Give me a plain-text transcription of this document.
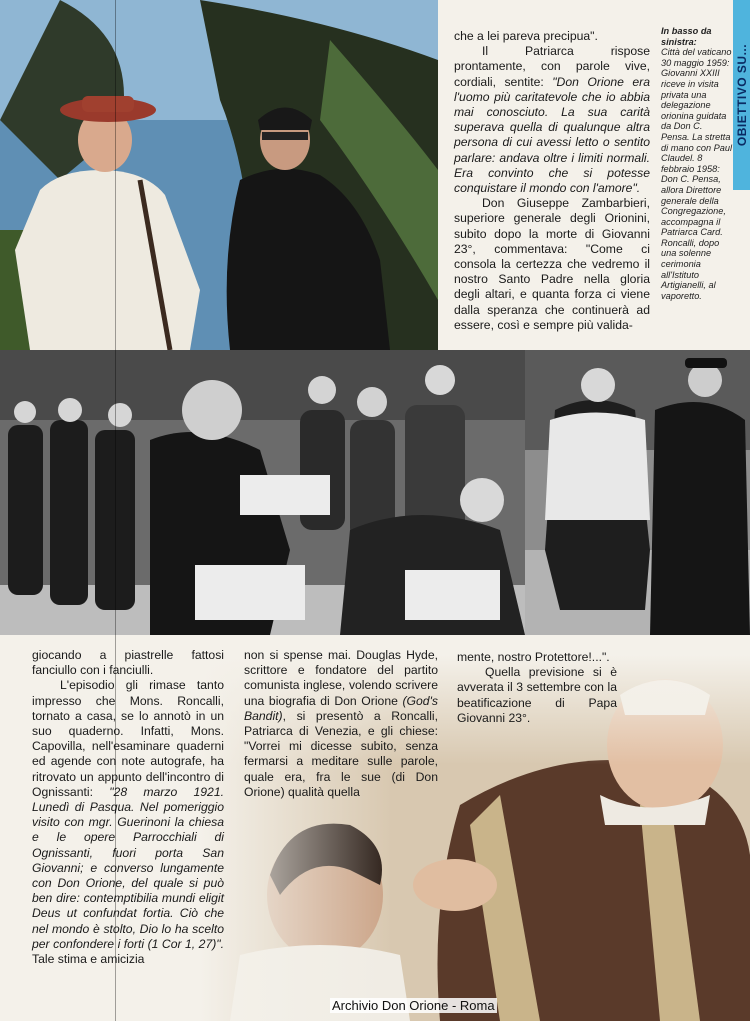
che a lei pareva precipua".

Il Patriarca rispose prontamente, con parole vive, cordiali, sentite: "Don Orione era l'uomo più caritatevole che io abbia mai conosciuto. La sua carità superava quella di qualunque altra persona di cui avessi letto o sentito parlare: andava oltre i limiti normali. Era convinto che si potesse conquistare il mondo con l'amore".

Don Giuseppe Zambarbieri, superiore generale degli Orionini, subito dopo la morte di Giovanni 23°, commentava: "Come ci consola la certezza che vedremo il nostro Santo Padre nella gloria degli altari, e quanta forza ci viene dalla speranza che continuerà ad essere, così e sempre più valida-

In basso da sinistra:
Città del vaticano 30 maggio 1959: Giovanni XXIII riceve in visita privata una delegazione orionina guidata da Don C. Pensa. La stretta di mano con Paul Claudel. 8 febbraio 1958: Don C. Pensa, allora Direttore generale della Congregazione, accompagna il Patriarca Card. Roncalli, dopo una solenne cerimonia all'Istituto Artigianelli, al vaporetto.
OBIETTIVO SU...

giocando a piastrelle fattosi fanciullo con i fanciulli.

L'episodio gli rimase tanto impresso che Mons. Roncalli, tornato a casa, se lo annotò in un suo quaderno. Infatti, Mons. Capovilla, nell'esaminare quaderni ed agende con note autografe, ha ritrovato un appunto dell'incontro di Ognissanti: "28 marzo 1921. Lunedì di Pasqua. Nel pomeriggio visito con mgr. Guerinoni la chiesa e le opere Parrocchiali di Ognissanti, fuori porta San Giovanni; e converso lungamente con Don Orione, del quale si può ben dire: contemptibilia mundi eligit Deus ut confundat fortia. Ciò che nel mondo è stolto, Dio lo ha scelto per confondere i forti (1 Cor 1, 27)". Tale stima e amicizia

non si spense mai. Douglas Hyde, scrittore e fondatore del partito comunista inglese, volendo scrivere una biografia di Don Orione (God's Bandit), si presentò a Roncalli, Patriarca di Venezia, e gli chiese: "Vorrei mi dicesse subito, senza fermarsi a meditare sulle parole, quale era, fra le sue (di Don Orione) qualità quella

mente, nostro Protettore!...".

Quella previsione si è avverata il 3 settembre con la beatificazione di Papa Giovanni 23°.

Archivio Don Orione - Roma
